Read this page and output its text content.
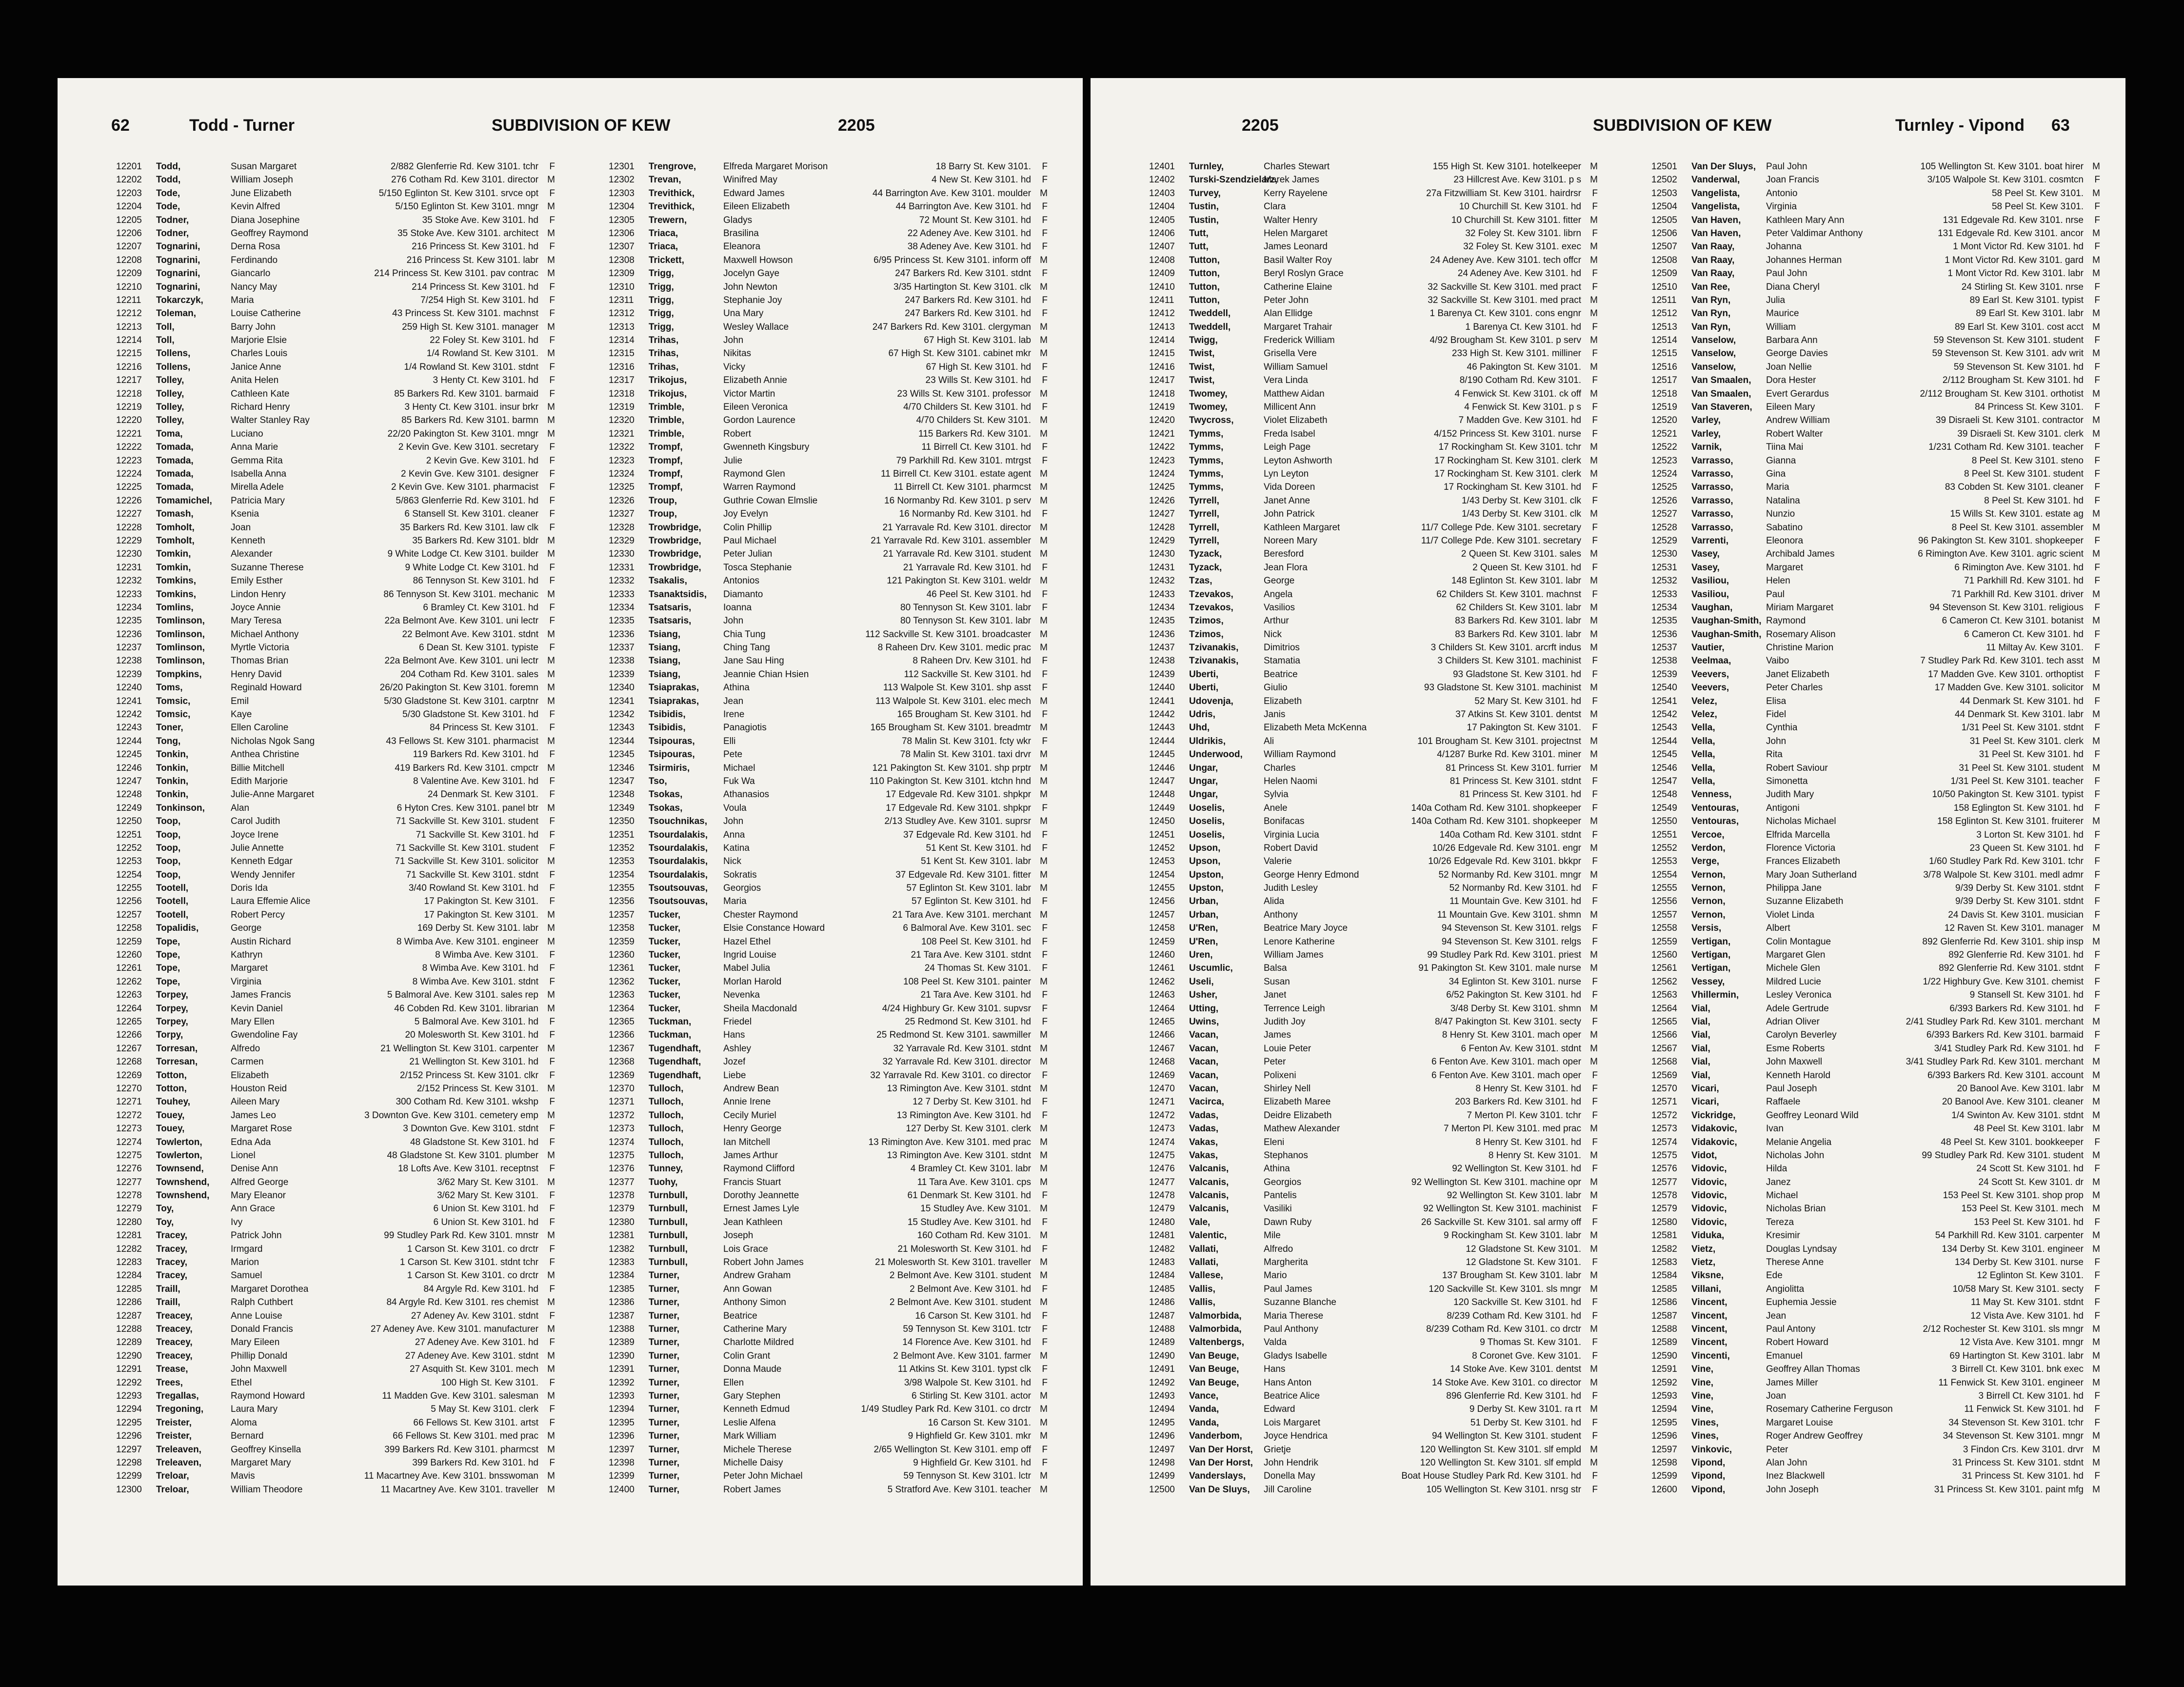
62	Todd - Turner	SUBDIVISION OF KEW	2205
12201	Todd,	Susan Margaret	2/882 Glenferrie Rd. Kew 3101. tchr	F
12202	Todd,	William Joseph	276 Cotham Rd. Kew 3101. director M
12203	Tode,	June Elizabeth	5/150 Eglinton St. Kew 3101. srvce opt	F
12204	Tode,	Kevin Alfred	5/150 Eglinton St. Kew 3101. mngr M
12205	Todner,	Diana Josephine	35 Stoke Ave. Kew 3101. hd	F
12206	Todner,	Geoffrey Raymond	35 Stoke Ave. Kew 3101. architect M
12207	Tognarini,	Derna Rosa	216 Princess St. Kew 3101. hd	F
12208	Tognarini,	Ferdinando	216 Princess St. Kew 3101. labr M
12209	Tognarini,	Giancarlo	214 Princess St. Kew 3101. pav contrac M
12210	Tognarini,	Nancy May	214 Princess St. Kew 3101. hd	F
12211	Tokarczyk,	Maria	7/254 High St. Kew 3101. hd	F
12212	Toleman,	Louise Catherine	43 Princess St. Kew 3101. machnst	F
12213	Toll,	Barry John	259 High St. Kew 3101. manager M
12214	Toll,	Marjorie Elsie	22 Foley St. Kew 3101. hd	F
12215	Tollens,	Charles Louis	1/4 Rowland St. Kew 3101. M
12216	Tollens,	Janice Anne	1/4 Rowland St. Kew 3101. stdnt	F
12217	Tolley,	Anita Helen	3 Henty Ct. Kew 3101. hd	F
12218	Tolley,	Cathleen Kate	85 Barkers Rd. Kew 3101. barmaid	F
12219	Tolley,	Richard Henry	3 Henty Ct. Kew 3101. insur brkr M
12220	Tolley,	Walter Stanley Ray	85 Barkers Rd. Kew 3101. barmn M
12221	Toma,	Luciano	22/20 Pakington St. Kew 3101. mngr M
12222	Tomada,	Anna Marie	2 Kevin Gve. Kew 3101. secretary	F
12223	Tomada,	Gemma Rita	2 Kevin Gve. Kew 3101. hd	F
12224	Tomada,	Isabella Anna	2 Kevin Gve. Kew 3101. designer	F
12225	Tomada,	Mirella Adele	2 Kevin Gve. Kew 3101. pharmacist	F
12226	Tomamichel, Patricia Mary	5/863 Glenferrie Rd. Kew 3101. hd	F
12227	Tomash,	Ksenia	6 Stansell St. Kew 3101. cleaner	F
12228	Tomholt,	Joan	35 Barkers Rd. Kew 3101. law clk	F
12229	Tomholt,	Kenneth	35 Barkers Rd. Kew 3101. bldr M
12230	Tomkin,	Alexander	9 White Lodge Ct. Kew 3101. builder M
12231	Tomkin,	Suzanne Therese	9 White Lodge Ct. Kew 3101. hd	F
12232	Tomkins,	Emily Esther	86 Tennyson St. Kew 3101. hd	F
12233	Tomkins,	Lindon Henry	86 Tennyson St. Kew 3101. mechanic M
12234	Tomlins,	Joyce Annie	6 Bramley Ct. Kew 3101. hd	F
12235	Tomlinson,	Mary Teresa	22a Belmont Ave. Kew 3101. uni lectr	F
12236	Tomlinson,	Michael Anthony	22 Belmont Ave. Kew 3101. stdnt M
12237	Tomlinson,	Myrtle Victoria	6 Dean St. Kew 3101. typiste	F
12238	Tomlinson,	Thomas Brian	22a Belmont Ave. Kew 3101. uni lectr M
12239	Tompkins,	Henry David	204 Cotham Rd. Kew 3101. sales M
12240	Toms,	Reginald Howard	26/20 Pakington St. Kew 3101. foremn M
12241	Tomsic,	Emil	5/30 Gladstone St. Kew 3101. carptnr M
12242	Tomsic,	Kaye	5/30 Gladstone St. Kew 3101. hd	F
12243	Toner,	Ellen Caroline	84 Princess St. Kew 3101.	F
12244	Tong,	Nicholas Ngok Sang	43 Fellows St. Kew 3101. pharmacist M
12245	Tonkin,	Anthea Christine	119 Barkers Rd. Kew 3101. hd	F
12246	Tonkin,	Billie Mitchell	419 Barkers Rd. Kew 3101. cmpctr M
12247	Tonkin,	Edith Marjorie	8 Valentine Ave. Kew 3101. hd	F
12248	Tonkin,	Julie-Anne Margaret	24 Denmark St. Kew 3101.	F
12249	Tonkinson,	Alan	6 Hyton Cres. Kew 3101. panel btr M
12250	Toop,	Carol Judith	71 Sackville St. Kew 3101. student	F
12251	Toop,	Joyce Irene	71 Sackville St. Kew 3101. hd	F
12252	Toop,	Julie Annette	71 Sackville St. Kew 3101. student	F
12253	Toop,	Kenneth Edgar	71 Sackville St. Kew 3101. solicitor M
12254	Toop,	Wendy Jennifer	71 Sackville St. Kew 3101. stdnt	F
12255	Tootell,	Doris Ida	3/40 Rowland St. Kew 3101. hd	F
12256	Tootell,	Laura Effemie Alice	17 Pakington St. Kew 3101.	F
12257	Tootell,	Robert Percy	17 Pakington St. Kew 3101. M
12258	Topalidis,	George	169 Derby St. Kew 3101. labr M
12259	Tope,	Austin Richard	8 Wimba Ave. Kew 3101. engineer M
12260	Tope,	Kathryn	8 Wimba Ave. Kew 3101.	F
12261	Tope,	Margaret	8 Wimba Ave. Kew 3101. hd	F
12262	Tope,	Virginia	8 Wimba Ave. Kew 3101. stdnt	F
12263	Torpey,	James Francis	5 Balmoral Ave. Kew 3101. sales rep M
12264	Torpey,	Kevin Daniel	46 Cobden Rd. Kew 3101. librarian M
12265	Torpey,	Mary Ellen	5 Balmoral Ave. Kew 3101. hd	F
12266	Torpy,	Gwendoline Fay	20 Molesworth St. Kew 3101. hd	F
12267	Torresan,	Alfredo	21 Wellington St. Kew 3101. carpenter M
12268	Torresan,	Carmen	21 Wellington St. Kew 3101. hd	F
12269	Totton,	Elizabeth	2/152 Princess St. Kew 3101. clkr	F
12270	Totton,	Houston Reid	2/152 Princess St. Kew 3101. M
12271	Touhey,	Aileen Mary	300 Cotham Rd. Kew 3101. wkshp	F
12272	Touey,	James Leo	3 Downton Gve. Kew 3101. cemetery emp M
12273	Touey,	Margaret Rose	3 Downton Gve. Kew 3101. stdnt	F
12274	Towlerton,	Edna Ada	48 Gladstone St. Kew 3101. hd	F
12275	Towlerton,	Lionel	48 Gladstone St. Kew 3101. plumber M
12276	Townsend,	Denise Ann	18 Lofts Ave. Kew 3101. receptnst	F
12277	Townshend, Alfred George	3/62 Mary St. Kew 3101. M
12278	Townshend, Mary Eleanor	3/62 Mary St. Kew 3101.	F
12279	Toy,	Ann Grace	6 Union St. Kew 3101. hd	F
12280	Toy,	Ivy	6 Union St. Kew 3101. hd	F
12281	Tracey,	Patrick John	99 Studley Park Rd. Kew 3101. mnstr M
12282	Tracey,	Irmgard	1 Carson St. Kew 3101. co drctr	F
12283	Tracey,	Marion	1 Carson St. Kew 3101. stdnt tchr	F
12284	Tracey,	Samuel	1 Carson St. Kew 3101. co drctr M
12285	Traill,	Margaret Dorothea	84 Argyle Rd. Kew 3101. hd	F
12286	Traill,	Ralph Cuthbert	84 Argyle Rd. Kew 3101. res chemist M
12287	Treacey,	Anne Louise	27 Adeney Av. Kew 3101. stdnt	F
12288	Treacey,	Donald Francis	27 Adeney Ave. Kew 3101. manufacturer M
12289	Treacey,	Mary Eileen	27 Adeney Ave. Kew 3101. hd	F
12290	Treacey,	Phillip Donald	27 Adeney Ave. Kew 3101. stdnt M
12291	Trease,	John Maxwell	27 Asquith St. Kew 3101. mech M
12292	Trees,	Ethel	100 High St. Kew 3101.	F
12293	Tregallas,	Raymond Howard	11 Madden Gve. Kew 3101. salesman M
12294	Tregoning,	Laura Mary	5 May St. Kew 3101. clerk	F
12295	Treister,	Aloma	66 Fellows St. Kew 3101. artst	F
12296	Treister,	Bernard	66 Fellows St. Kew 3101. med prac M
12297	Treleaven,	Geoffrey Kinsella	399 Barkers Rd. Kew 3101. pharmcst M
12298	Treleaven,	Margaret Mary	399 Barkers Rd. Kew 3101. hd	F
12299	Treloar,	Mavis	11 Macartney Ave. Kew 3101. bnsswoman M
12300	Treloar,	William Theodore	11 Macartney Ave. Kew 3101. traveller M
12301	Trengrove,	Elfreda Margaret Morison	18 Barry St. Kew 3101.	F
12302	Trevan,	Winifred May	4 New St. Kew 3101. hd	F
12303	Trevithick,	Edward James	44 Barrington Ave. Kew 3101. moulder M
12304	Trevithick,	Eileen Elizabeth	44 Barrington Ave. Kew 3101. hd	F
12305	Trewern,	Gladys	72 Mount St. Kew 3101. hd	F
12306	Triaca,	Brasilina	22 Adeney Ave. Kew 3101. hd	F
12307	Triaca,	Eleanora	38 Adeney Ave. Kew 3101. hd	F
12308	Trickett,	Maxwell Howson	6/95 Princess St. Kew 3101. inform off M
12309	Trigg,	Jocelyn Gaye	247 Barkers Rd. Kew 3101. stdnt	F
12310	Trigg,	John Newton	3/35 Hartington St. Kew 3101. clk M
12311	Trigg,	Stephanie Joy	247 Barkers Rd. Kew 3101. hd	F
12312	Trigg,	Una Mary	247 Barkers Rd. Kew 3101. hd	F
12313	Trigg,	Wesley Wallace	247 Barkers Rd. Kew 3101. clergyman M
12314	Trihas,	John	67 High St. Kew 3101. lab M
12315	Trihas,	Nikitas	67 High St. Kew 3101. cabinet mkr M
12316	Trihas,	Vicky	67 High St. Kew 3101. hd	F
12317	Trikojus,	Elizabeth Annie	23 Wills St. Kew 3101. hd	F
12318	Trikojus,	Victor Martin	23 Wills St. Kew 3101. professor M
12319	Trimble,	Eileen Veronica	4/70 Childers St. Kew 3101. hd	F
12320	Trimble,	Gordon Laurence	4/70 Childers St. Kew 3101. M
12321	Trimble,	Robert	115 Barkers Rd. Kew 3101. M
12322	Trompf,	Gwenneth Kingsbury	11 Birrell Ct. Kew 3101. hd	F
12323	Trompf,	Julie	79 Parkhill Rd. Kew 3101. mtrgst	F
12324	Trompf,	Raymond Glen	11 Birrell Ct. Kew 3101. estate agent M
12325	Trompf,	Warren Raymond	11 Birrell Ct. Kew 3101. pharmcst M
12326	Troup,	Guthrie Cowan Elmslie	16 Normanby Rd. Kew 3101. p serv M
12327	Troup,	Joy Evelyn	16 Normanby Rd. Kew 3101. hd	F
12328	Trowbridge, Colin Phillip	21 Yarravale Rd. Kew 3101. director M
12329	Trowbridge, Paul Michael	21 Yarravale Rd. Kew 3101. assembler M
12330	Trowbridge, Peter Julian	21 Yarravale Rd. Kew 3101. student M
12331	Trowbridge, Tosca Stephanie	21 Yarravale Rd. Kew 3101. hd	F
12332	Tsakalis,	Antonios	121 Pakington St. Kew 3101. weldr M
12333	Tsanaktsidis, Diamanto	46 Peel St. Kew 3101. hd	F
12334	Tsatsaris,	Ioanna	80 Tennyson St. Kew 3101. labr	F
12335	Tsatsaris,	John	80 Tennyson St. Kew 3101. labr M
12336	Tsiang,	Chia Tung	112 Sackville St. Kew 3101. broadcaster M
12337	Tsiang,	Ching Tang	8 Raheen Drv. Kew 3101. medic prac M
12338	Tsiang,	Jane Sau Hing	8 Raheen Drv. Kew 3101. hd	F
12339	Tsiang,	Jeannie Chian Hsien	112 Sackville St. Kew 3101. hd	F
12340	Tsiaprakas,	Athina	113 Walpole St. Kew 3101. shp asst	F
12341	Tsiaprakas,	Jean	113 Walpole St. Kew 3101. elec mech M
12342	Tsibidis,	Irene	165 Brougham St. Kew 3101. hd	F
12343	Tsibidis,	Panagiotis	165 Brougham St. Kew 3101. breadmtr M
12344	Tsipouras,	Elli	78 Malin St. Kew 3101. fcty wkr	F
12345	Tsipouras,	Pete	78 Malin St. Kew 3101. taxi drvr M
12346	Tsirmiris,	Michael	121 Pakington St. Kew 3101. shp prptr M
12347	Tso,	Fuk Wa	110 Pakington St. Kew 3101. ktchn hnd M
12348	Tsokas,	Athanasios	17 Edgevale Rd. Kew 3101. shpkpr M
12349	Tsokas,	Voula	17 Edgevale Rd. Kew 3101. shpkpr	F
12350	Tsouchnikas, John	2/13 Studley Ave. Kew 3101. suprsr M
12351	Tsourdalakis, Anna	37 Edgevale Rd. Kew 3101. hd	F
12352	Tsourdalakis, Katina	51 Kent St. Kew 3101. hd	F
12353	Tsourdalakis, Nick	51 Kent St. Kew 3101. labr M
12354	Tsourdalakis, Sokratis	37 Edgevale Rd. Kew 3101. fitter M
12355	Tsoutsouvas, Georgios	57 Eglinton St. Kew 3101. labr M
12356	Tsoutsouvas, Maria	57 Eglinton St. Kew 3101. hd	F
12357	Tucker,	Chester Raymond	21 Tara Ave. Kew 3101. merchant M
12358	Tucker,	Elsie Constance Howard	6 Balmoral Ave. Kew 3101. sec	F
12359	Tucker,	Hazel Ethel	108 Peel St. Kew 3101. hd	F
12360	Tucker,	Ingrid Louise	21 Tara Ave. Kew 3101. stdnt	F
12361	Tucker,	Mabel Julia	24 Thomas St. Kew 3101.	F
12362	Tucker,	Morlan Harold	108 Peel St. Kew 3101. painter M
12363	Tucker,	Nevenka	21 Tara Ave. Kew 3101. hd	F
12364	Tucker,	Sheila Macdonald	4/24 Highbury Gr. Kew 3101. supvsr	F
12365	Tuckman,	Friedel	25 Redmond St. Kew 3101. hd	F
12366	Tuckman,	Hans	25 Redmond St. Kew 3101. sawmiller M
12367	Tugendhaft, Ashley	32 Yarravale Rd. Kew 3101. stdnt M
12368	Tugendhaft, Jozef	32 Yarravale Rd. Kew 3101. director M
12369	Tugendhaft, Liebe	32 Yarravale Rd. Kew 3101. co director	F
12370	Tulloch,	Andrew Bean	13 Rimington Ave. Kew 3101. stdnt M
12371	Tulloch,	Annie Irene	12 7 Derby St. Kew 3101. hd	F
12372	Tulloch,	Cecily Muriel	13 Rimington Ave. Kew 3101. hd	F
12373	Tulloch,	Henry George	127 Derby St. Kew 3101. clerk M
12374	Tulloch,	Ian Mitchell	13 Rimington Ave. Kew 3101. med prac M
12375	Tulloch,	James Arthur	13 Rimington Ave. Kew 3101. stdnt M
12376	Tunney,	Raymond Clifford	4 Bramley Ct. Kew 3101. labr M
12377	Tuohy,	Francis Stuart	11 Tara Ave. Kew 3101. cps M
12378	Turnbull,	Dorothy Jeannette	61 Denmark St. Kew 3101. hd	F
12379	Turnbull,	Ernest James Lyle	15 Studley Ave. Kew 3101. M
12380	Turnbull,	Jean Kathleen	15 Studley Ave. Kew 3101. hd	F
12381	Turnbull,	Joseph	160 Cotham Rd. Kew 3101. M
12382	Turnbull,	Lois Grace	21 Molesworth St. Kew 3101. hd	F
12383	Turnbull,	Robert John James	21 Molesworth St. Kew 3101. traveller M
12384	Turner,	Andrew Graham	2 Belmont Ave. Kew 3101. student M
12385	Turner,	Ann Gowan	2 Belmont Ave. Kew 3101. hd	F
12386	Turner,	Anthony Simon	2 Belmont Ave. Kew 3101. student M
12387	Turner,	Beatrice	16 Carson St. Kew 3101. hd	F
12388	Turner,	Catherine Mary	59 Tennyson St. Kew 3101. tctr	F
12389	Turner,	Charlotte Mildred	14 Florence Ave. Kew 3101. hd	F
12390	Turner,	Colin Grant	2 Belmont Ave. Kew 3101. farmer M
12391	Turner,	Donna Maude	11 Atkins St. Kew 3101. typst clk	F
12392	Turner,	Ellen	3/98 Walpole St. Kew 3101. hd	F
12393	Turner,	Gary Stephen	6 Stirling St. Kew 3101. actor M
12394	Turner,	Kenneth Edmud	1/49 Studley Park Rd. Kew 3101. co drctr M
12395	Turner,	Leslie Alfena	16 Carson St. Kew 3101. M
12396	Turner,	Mark William	9 Highfield Gr. Kew 3101. mkr M
12397	Turner,	Michele Therese	2/65 Wellington St. Kew 3101. emp off	F
12398	Turner,	Michelle Daisy	9 Highfield Gr. Kew 3101. hd	F
12399	Turner,	Peter John Michael	59 Tennyson St. Kew 3101. lctr M
12400	Turner,	Robert James	5 Stratford Ave. Kew 3101. teacher M
2205	SUBDIVISION OF KEW	Turnley - Vipond 63
12401	Turnley,	Charles Stewart	155 High St. Kew 3101. hotelkeeper M
12402	Turski-Szendzielarz,
Marek James	23 Hillcrest Ave. Kew 3101. p s M
12403	Turvey,	Kerry Rayelene	27a Fitzwilliam St. Kew 3101. hairdrsr	F
12404	Tustin,	Clara	10 Churchill St. Kew 3101. hd	F
12405	Tustin,	Walter Henry	10 Churchill St. Kew 3101. fitter M
12406	Tutt,	Helen Margaret	32 Foley St. Kew 3101. librn	F
12407	Tutt,	James Leonard	32 Foley St. Kew 3101. exec M
12408	Tutton,	Basil Walter Roy	24 Adeney Ave. Kew 3101. tech offcr M
12409	Tutton,	Beryl Roslyn Grace	24 Adeney Ave. Kew 3101. hd	F
12410	Tutton,	Catherine Elaine	32 Sackville St. Kew 3101. med pract	F
12411	Tutton,	Peter John	32 Sackville St. Kew 3101. med pract M
12412	Tweddell,	Alan Ellidge	1 Barenya Ct. Kew 3101. cons engnr M
12413	Tweddell,	Margaret Trahair	1 Barenya Ct. Kew 3101. hd	F
12414	Twigg,	Frederick William	4/92 Brougham St. Kew 3101. p serv M
12415	Twist,	Grisella Vere	233 High St. Kew 3101. milliner	F
12416	Twist,	William Samuel	46 Pakington St. Kew 3101. M
12417	Twist,	Vera Linda	8/190 Cotham Rd. Kew 3101.	F
12418	Twomey,	Matthew Aidan	4 Fenwick St. Kew 3101. ck off M
12419	Twomey,	Millicent Ann	4 Fenwick St. Kew 3101. p s	F
12420	Twycross,	Violet Elizabeth	7 Madden Gve. Kew 3101. hd	F
12421	Tymms,	Freda Isabel	4/152 Princess St. Kew 3101. nurse	F
12422	Tymms,	Leigh Page	17 Rockingham St. Kew 3101. tchr M
12423	Tymms,	Leyton Ashworth	17 Rockingham St. Kew 3101. clerk M
12424	Tymms,	Lyn Leyton	17 Rockingham St. Kew 3101. clerk M
12425	Tymms,	Vida Doreen	17 Rockingham St. Kew 3101. hd	F
12426	Tyrrell,	Janet Anne	1/43 Derby St. Kew 3101. clk	F
12427	Tyrrell,	John Patrick	1/43 Derby St. Kew 3101. clk M
12428	Tyrrell,	Kathleen Margaret	11/7 College Pde. Kew 3101. secretary	F
12429	Tyrrell,	Noreen Mary	11/7 College Pde. Kew 3101. secretary	F
12430	Tyzack,	Beresford	2 Queen St. Kew 3101. sales M
12431	Tyzack,	Jean Flora	2 Queen St. Kew 3101. hd	F
12432	Tzas,	George	148 Eglinton St. Kew 3101. labr M
12433	Tzevakos,	Angela	62 Childers St. Kew 3101. machnst	F
12434	Tzevakos,	Vasilios	62 Childers St. Kew 3101. labr M
12435	Tzimos,	Arthur	83 Barkers Rd. Kew 3101. labr M
12436	Tzimos,	Nick	83 Barkers Rd. Kew 3101. labr M
12437	Tzivanakis,	Dimitrios	3 Childers St. Kew 3101. arcrft indus M
12438	Tzivanakis,	Stamatia	3 Childers St. Kew 3101. machinist	F
12439	Uberti,	Beatrice	93 Gladstone St. Kew 3101. hd	F
12440	Uberti,	Giulio	93 Gladstone St. Kew 3101. machinist M
12441	Udovenja,	Elizabeth	52 Mary St. Kew 3101. hd	F
12442	Udris,	Janis	37 Atkins St. Kew 3101. dentst M
12443	Uhd,	Elizabeth Meta McKenna	17 Pakington St. Kew 3101.	F
12444	Uldrikis,	Ali	101 Brougham St. Kew 3101. projectnst M
12445	Underwood, William Raymond	4/1287 Burke Rd. Kew 3101. miner M
12446	Ungar,	Charles	81 Princess St. Kew 3101. furrier M
12447	Ungar,	Helen Naomi	81 Princess St. Kew 3101. stdnt	F
12448	Ungar,	Sylvia	81 Princess St. Kew 3101. hd	F
12449	Uoselis,	Anele	140a Cotham Rd. Kew 3101. shopkeeper	F
12450	Uoselis,	Bonifacas	140a Cotham Rd. Kew 3101. shopkeeper M
12451	Uoselis,	Virginia Lucia	140a Cotham Rd. Kew 3101. stdnt	F
12452	Upson,	Robert David	10/26 Edgevale Rd. Kew 3101. engr M
12453	Upson,	Valerie	10/26 Edgevale Rd. Kew 3101. bkkpr	F
12454	Upston,	George Henry Edmond	52 Normanby Rd. Kew 3101. mngr M
12455	Upston,	Judith Lesley	52 Normanby Rd. Kew 3101. hd	F
12456	Urban,	Alida	11 Mountain Gve. Kew 3101. hd	F
12457	Urban,	Anthony	11 Mountain Gve. Kew 3101. shmn M
12458	U'Ren,	Beatrice Mary Joyce	94 Stevenson St. Kew 3101. relgs	F
12459	U'Ren,	Lenore Katherine	94 Stevenson St. Kew 3101. relgs	F
12460	Uren,	William James	99 Studley Park Rd. Kew 3101. priest M
12461	Uscumlic,	Balsa	91 Pakington St. Kew 3101. male nurse M
12462	Useli,	Susan	34 Eglinton St. Kew 3101. nurse	F
12463	Usher,	Janet	6/52 Pakington St. Kew 3101. hd	F
12464	Utting,	Terrence Leigh	3/48 Derby St. Kew 3101. shmn M
12465	Uwins,	Judith Joy	8/47 Pakington St. Kew 3101. secty	F
12466	Vacan,	James	8 Henry St. Kew 3101. mach oper M
12467	Vacan,	Louie Peter	6 Fenton Av. Kew 3101. stdnt M
12468	Vacan,	Peter	6 Fenton Ave. Kew 3101. mach oper M
12469	Vacan,	Polixeni	6 Fenton Ave. Kew 3101. mach oper	F
12470	Vacan,	Shirley Nell	8 Henry St. Kew 3101. hd	F
12471	Vacirca,	Elizabeth Maree	203 Barkers Rd. Kew 3101. hd	F
12472	Vadas,	Deidre Elizabeth	7 Merton Pl. Kew 3101. tchr	F
12473	Vadas,	Mathew Alexander	7 Merton Pl. Kew 3101. med prac M
12474	Vakas,	Eleni	8 Henry St. Kew 3101. hd	F
12475	Vakas,	Stephanos	8 Henry St. Kew 3101. M
12476	Valcanis,	Athina	92 Wellington St. Kew 3101. hd	F
12477	Valcanis,	Georgios	92 Wellington St. Kew 3101. machine opr M
12478	Valcanis,	Pantelis	92 Wellington St. Kew 3101. labr M
12479	Valcanis,	Vasiliki	92 Wellington St. Kew 3101. machinist	F
12480	Vale,	Dawn Ruby	26 Sackville St. Kew 3101. sal army off	F
12481	Valentic,	Mile	9 Rockingham St. Kew 3101. labr M
12482	Vallati,	Alfredo	12 Gladstone St. Kew 3101. M
12483	Vallati,	Margherita	12 Gladstone St. Kew 3101.	F
12484	Vallese,	Mario	137 Brougham St. Kew 3101. labr M
12485	Vallis,	Paul James	120 Sackville St. Kew 3101. sls mngr M
12486	Vallis,	Suzanne Blanche	120 Sackville St. Kew 3101. hd	F
12487	Valmorbida, Maria Therese	8/239 Cotham Rd. Kew 3101. hd	F
12488	Valmorbida, Paul Anthony	8/239 Cotham Rd. Kew 3101. co drctr M
12489	Valtenbergs, Valda	9 Thomas St. Kew 3101.	F
12490	Van Beuge,	Gladys Isabelle	8 Coronet Gve. Kew 3101.	F
12491	Van Beuge,	Hans	14 Stoke Ave. Kew 3101. dentst M
12492	Van Beuge,	Hans Anton	14 Stoke Ave. Kew 3101. co director M
12493	Vance,	Beatrice Alice	896 Glenferrie Rd. Kew 3101. hd	F
12494	Vanda,	Edward	9 Derby St. Kew 3101. ra rt M
12495	Vanda,	Lois Margaret	51 Derby St. Kew 3101. hd	F
12496	Vanderbom, Joyce Hendrica	94 Wellington St. Kew 3101. student	F
12497	Van Der Horst, Grietje	120 Wellington St. Kew 3101. slf empld M
12498	Van Der Horst, John Hendrik	120 Wellington St. Kew 3101. slf empld M
12499	Vanderslays, Donella May	Boat House Studley Park Rd. Kew 3101. hd	F
12500	Van De Sluys, Jill Caroline	105 Wellington St. Kew 3101. nrsg str	F
12501	Van Der Sluys, Paul John	105 Wellington St. Kew 3101. boat hirer M
12502	Vanderwal,	Joan Francis	3/105 Walpole St. Kew 3101. cosmtcn	F
12503	Vangelista,	Antonio	58 Peel St. Kew 3101. M
12504	Vangelista,	Virginia	58 Peel St. Kew 3101.	F
12505	Van Haven,	Kathleen Mary Ann	131 Edgevale Rd. Kew 3101. nrse	F
12506	Van Haven,	Peter Valdimar Anthony	131 Edgevale Rd. Kew 3101. ancor M
12507	Van Raay,	Johanna	1 Mont Victor Rd. Kew 3101. hd	F
12508	Van Raay,	Johannes Herman	1 Mont Victor Rd. Kew 3101. gard M
12509	Van Raay,	Paul John	1 Mont Victor Rd. Kew 3101. labr M
12510	Van Ree,	Diana Cheryl	24 Stirling St. Kew 3101. nrse	F
12511	Van Ryn,	Julia	89 Earl St. Kew 3101. typist	F
12512	Van Ryn,	Maurice	89 Earl St. Kew 3101. labr M
12513	Van Ryn,	William	89 Earl St. Kew 3101. cost acct M
12514	Vanselow,	Barbara Ann	59 Stevenson St. Kew 3101. student	F
12515	Vanselow,	George Davies	59 Stevenson St. Kew 3101. adv writ M
12516	Vanselow,	Joan Nellie	59 Stevenson St. Kew 3101. hd	F
12517	Van Smaalen, Dora Hester	2/112 Brougham St. Kew 3101. hd	F
12518	Van Smaalen, Evert Gerardus	2/112 Brougham St. Kew 3101. orthotist M
12519	Van Staveren, Eileen Mary	84 Princess St. Kew 3101.	F
12520	Varley,	Andrew William	39 Disraeli St. Kew 3101. contractor M
12521	Varley,	Robert Walter	39 Disraeli St. Kew 3101. clerk M
12522	Varnik,	Tiina Mai	1/231 Cotham Rd. Kew 3101. teacher	F
12523	Varrasso,	Gianna	8 Peel St. Kew 3101. steno	F
12524	Varrasso,	Gina	8 Peel St. Kew 3101. student	F
12525	Varrasso,	Maria	83 Cobden St. Kew 3101. cleaner	F
12526	Varrasso,	Natalina	8 Peel St. Kew 3101. hd	F
12527	Varrasso,	Nunzio	15 Wills St. Kew 3101. estate ag M
12528	Varrasso,	Sabatino	8 Peel St. Kew 3101. assembler M
12529	Varrenti,	Eleonora	96 Pakington St. Kew 3101. shopkeeper	F
12530	Vasey,	Archibald James	6 Rimington Ave. Kew 3101. agric scient M
12531	Vasey,	Margaret	6 Rimington Ave. Kew 3101. hd	F
12532	Vasiliou,	Helen	71 Parkhill Rd. Kew 3101. hd	F
12533	Vasiliou,	Paul	71 Parkhill Rd. Kew 3101. driver M
12534	Vaughan,	Miriam Margaret	94 Stevenson St. Kew 3101. religious	F
12535	Vaughan-Smith, Raymond	6 Cameron Ct. Kew 3101. botanist M
12536	Vaughan-Smith, Rosemary Alison	6 Cameron Ct. Kew 3101. hd	F
12537	Vautier,	Christine Marion	11 Miltay Av. Kew 3101.	F
12538	Veelmaa,	Vaibo	7 Studley Park Rd. Kew 3101. tech asst M
12539	Veevers,	Janet Elizabeth	17 Madden Gve. Kew 3101. orthoptist	F
12540	Veevers,	Peter Charles	17 Madden Gve. Kew 3101. solicitor M
12541	Velez,	Elisa	44 Denmark St. Kew 3101. hd	F
12542	Velez,	Fidel	44 Denmark St. Kew 3101. labr M
12543	Vella,	Cynthia	1/31 Peel St. Kew 3101. stdnt	F
12544	Vella,	John	31 Peel St. Kew 3101. clerk M
12545	Vella,	Rita	31 Peel St. Kew 3101. hd	F
12546	Vella,	Robert Saviour	31 Peel St. Kew 3101. student M
12547	Vella,	Simonetta	1/31 Peel St. Kew 3101. teacher	F
12548	Venness,	Judith Mary	10/50 Pakington St. Kew 3101. typist	F
12549	Ventouras,	Antigoni	158 Eglington St. Kew 3101. hd	F
12550	Ventouras,	Nicholas Michael	158 Eglinton St. Kew 3101. fruiterer M
12551	Vercoe,	Elfrida Marcella	3 Lorton St. Kew 3101. hd	F
12552	Verdon,	Florence Victoria	23 Queen St. Kew 3101. hd	F
12553	Verge,	Frances Elizabeth	1/60 Studley Park Rd. Kew 3101. tchr	F
12554	Vernon,	Mary Joan Sutherland	3/78 Walpole St. Kew 3101. medl admr	F
12555	Vernon,	Philippa Jane	9/39 Derby St. Kew 3101. stdnt	F
12556	Vernon,	Suzanne Elizabeth	9/39 Derby St. Kew 3101. stdnt	F
12557	Vernon,	Violet Linda	24 Davis St. Kew 3101. musician	F
12558	Versis,	Albert	12 Raven St. Kew 3101. manager M
12559	Vertigan,	Colin Montague	892 Glenferrie Rd. Kew 3101. ship insp M
12560	Vertigan,	Margaret Glen	892 Glenferrie Rd. Kew 3101. hd	F
12561	Vertigan,	Michele Glen	892 Glenferrie Rd. Kew 3101. stdnt	F
12562	Vessey,	Mildred Lucie	1/22 Highbury Gve. Kew 3101. chemist	F
12563	Vhillermin,	Lesley Veronica	9 Stansell St. Kew 3101. hd	F
12564	Vial,	Adele Gertrude	6/393 Barkers Rd. Kew 3101. hd	F
12565	Vial,	Adrian Oliver	2/41 Studley Park Rd. Kew 3101. merchant M
12566	Vial,	Carolyn Beverley	6/393 Barkers Rd. Kew 3101. barmaid	F
12567	Vial,	Esme Roberts	3/41 Studley Park Rd. Kew 3101. hd	F
12568	Vial,	John Maxwell	3/41 Studley Park Rd. Kew 3101. merchant M
12569	Vial,	Kenneth Harold	6/393 Barkers Rd. Kew 3101. account M
12570	Vicari,	Paul Joseph	20 Banool Ave. Kew 3101. labr M
12571	Vicari,	Raffaele	20 Banool Ave. Kew 3101. cleaner M
12572	Vickridge,	Geoffrey Leonard Wild	1/4 Swinton Av. Kew 3101. stdnt M
12573	Vidakovic,	Ivan	48 Peel St. Kew 3101. labr M
12574	Vidakovic,	Melanie Angelia	48 Peel St. Kew 3101. bookkeeper	F
12575	Vidot,	Nicholas John	99 Studley Park Rd. Kew 3101. student M
12576	Vidovic,	Hilda	24 Scott St. Kew 3101. hd	F
12577	Vidovic,	Janez	24 Scott St. Kew 3101. dr M
12578	Vidovic,	Michael	153 Peel St. Kew 3101. shop prop M
12579	Vidovic,	Nicholas Brian	153 Peel St. Kew 3101. mech M
12580	Vidovic,	Tereza	153 Peel St. Kew 3101. hd	F
12581	Viduka,	Kresimir	54 Parkhill Rd. Kew 3101. carpenter M
12582	Vietz,	Douglas Lyndsay	134 Derby St. Kew 3101. engineer M
12583	Vietz,	Therese Anne	134 Derby St. Kew 3101. nurse	F
12584	Viksne,	Ede	12 Eglinton St. Kew 3101.	F
12585	Villani,	Angiolitta	10/58 Mary St. Kew 3101. secty	F
12586	Vincent,	Euphemia Jessie	11 May St. Kew 3101. stdnt	F
12587	Vincent,	Jean	12 Vista Ave. Kew 3101. hd	F
12588	Vincent,	Paul Antony	2/12 Rochester St. Kew 3101. sls mngr M
12589	Vincent,	Robert Howard	12 Vista Ave. Kew 3101. mngr M
12590	Vincenti,	Emanuel	69 Hartington St. Kew 3101. labr M
12591	Vine,	Geoffrey Allan Thomas	3 Birrell Ct. Kew 3101. bnk exec M
12592	Vine,	James Miller	11 Fenwick St. Kew 3101. engineer M
12593	Vine,	Joan	3 Birrell Ct. Kew 3101. hd	F
12594	Vine,	Rosemary Catherine Ferguson	11 Fenwick St. Kew 3101. hd	F
12595	Vines,	Margaret Louise	34 Stevenson St. Kew 3101. tchr	F
12596	Vines,	Roger Andrew Geoffrey	34 Stevenson St. Kew 3101. mngr M
12597	Vinkovic,	Peter	3 Findon Crs. Kew 3101. drvr M
12598	Vipond,	Alan John	31 Princess St. Kew 3101. stdnt M
12599	Vipond,	Inez Blackwell	31 Princess St. Kew 3101. hd	F
12600	Vipond,	John Joseph	31 Princess St. Kew 3101. paint mfg M
